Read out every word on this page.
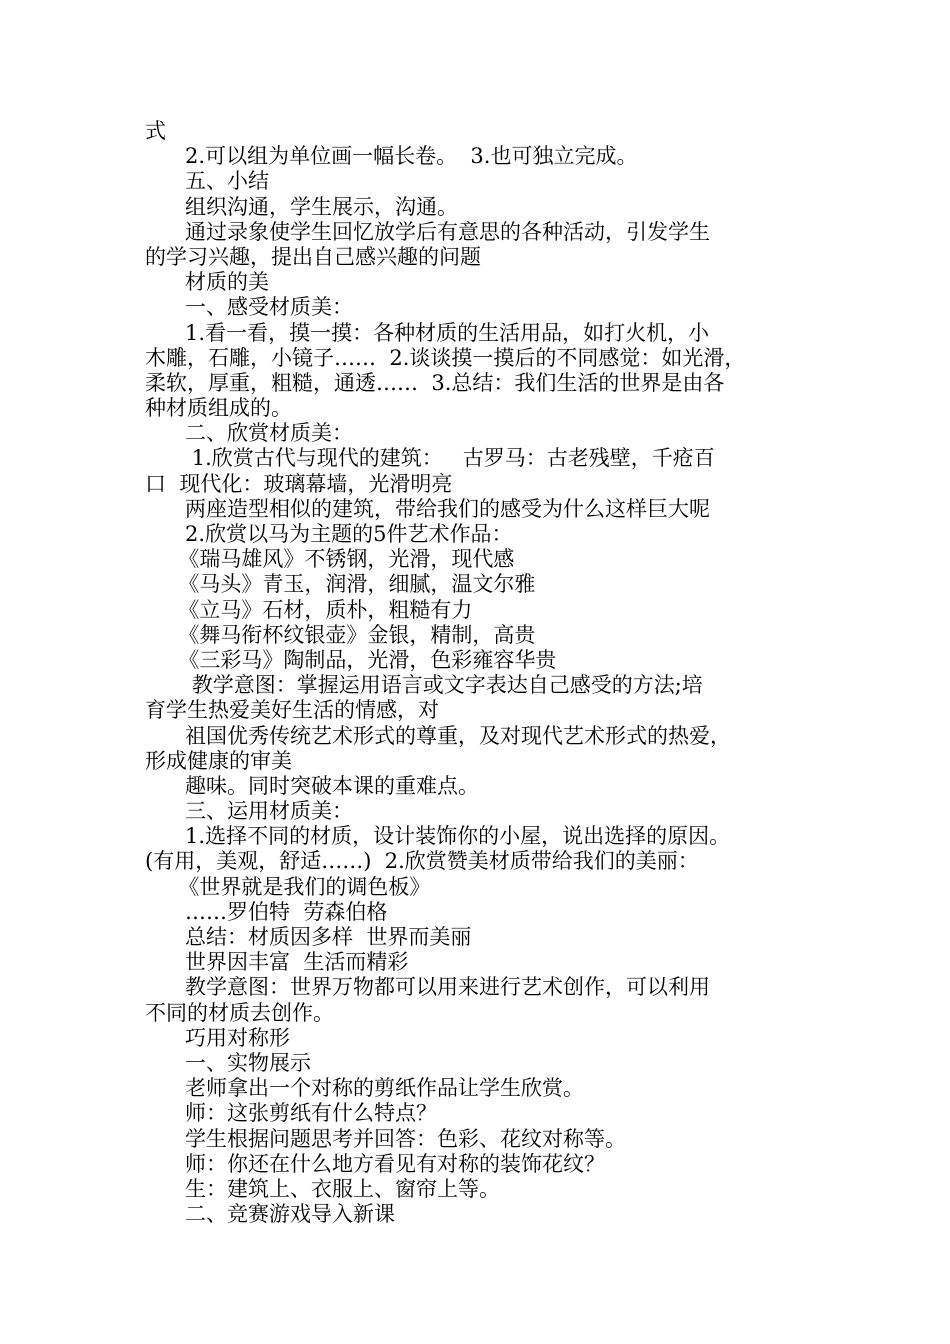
式
2.可以组为单位画一幅长卷。  3.也可独立完成。
五、小结
组织沟通，学生展示，沟通。
通过录象使学生回忆放学后有意思的各种活动，引发学生
的学习兴趣，提出自己感兴趣的问题
材质的美
一、感受材质美：
1.看一看，摸一摸：各种材质的生活用品，如打火机，小
木雕，石雕，小镜子……  2.谈谈摸一摸后的不同感觉：如光滑，
柔软，厚重，粗糙，通透……  3.总结：我们生活的世界是由各
种材质组成的。
二、欣赏材质美：
1.欣赏古代与现代的建筑：   古罗马：古老残壁，千疮百
口  现代化：玻璃幕墙，光滑明亮
两座造型相似的建筑，带给我们的感受为什么这样巨大呢
2.欣赏以马为主题的5件艺术作品：
《瑞马雄风》不锈钢，光滑，现代感
《马头》青玉，润滑，细腻，温文尔雅
《立马》石材，质朴，粗糙有力
《舞马衔杯纹银壶》金银，精制，高贵
《三彩马》陶制品，光滑，色彩雍容华贵
教学意图：掌握运用语言或文字表达自己感受的方法;培
育学生热爱美好生活的情感，对
祖国优秀传统艺术形式的尊重，及对现代艺术形式的热爱，
形成健康的审美
趣味。同时突破本课的重难点。
三、运用材质美：
1.选择不同的材质，设计装饰你的小屋，说出选择的原因。
(有用，美观，舒适……)  2.欣赏赞美材质带给我们的美丽：
《世界就是我们的调色板》
……罗伯特  劳森伯格
总结：材质因多样  世界而美丽
世界因丰富  生活而精彩
教学意图：世界万物都可以用来进行艺术创作，可以利用
不同的材质去创作。
巧用对称形
一、实物展示
老师拿出一个对称的剪纸作品让学生欣赏。
师：这张剪纸有什么特点？
学生根据问题思考并回答：色彩、花纹对称等。
师：你还在什么地方看见有对称的装饰花纹？
生：建筑上、衣服上、窗帘上等。
二、竞赛游戏导入新课
